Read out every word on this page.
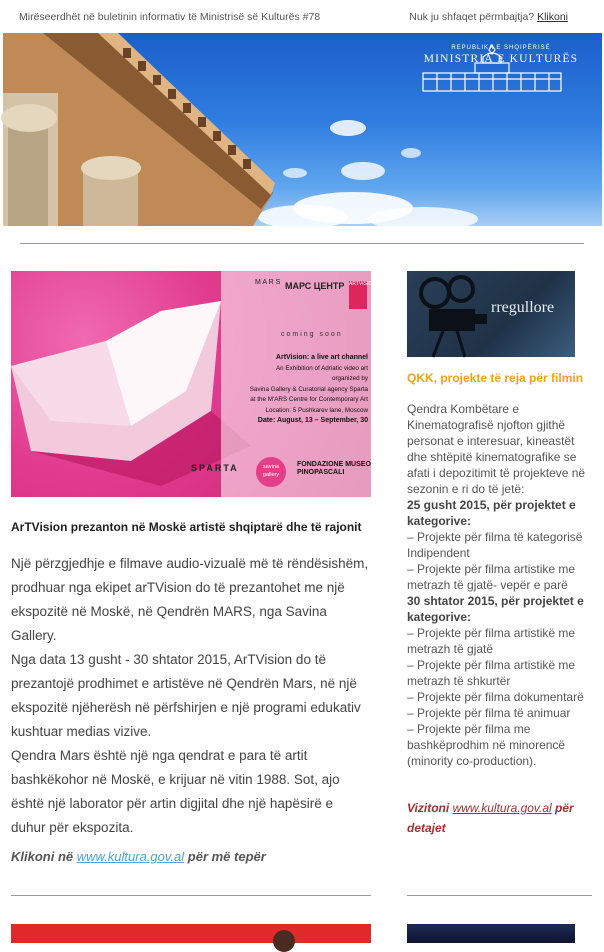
Mirëseerdhët në buletinin informativ të Ministrisë së Kulturës #78	Nuk ju shfaqet përmbajtja? Klikoni
REPUBLIKA E SHQIPËRISË
MINISTRIA E KULTURËS
M A R S МАРС ЦЕНТР ARTVISION
coming soon
ArtVision: a live art channel
An Exhibition of Adriatic video art
organized by
Savina Gallery & Curatorial agency Sparta
at the M'ARS Centre for Contemporary Art
Location: 5 Pushkarev lane, Moscow
Date: August, 13 – September, 30
SPARTA	savina gallery
FONDAZIONE MUSEO PINOPASCALI
ArTVision prezanton në Moskë artistë shqiptarë dhe të rajonit

Një përzgjedhje e filmave audio-vizualë më të rëndësishëm, prodhuar nga ekipet arTVision do të prezantohet me një ekspozitë në Moskë, në Qendrën MARS, nga Savina Gallery.

Nga data 13 gusht - 30 shtator 2015, ArTVision do të prezantojë prodhimet e artistëve në Qendrën Mars, në një ekspozitë njëherësh në përfshirjen e një programi edukativ kushtuar medias vizive.

Qendra Mars është një nga qendrat e para të artit bashkëkohor në Moskë, e krijuar në vitin 1988. Sot, ajo është një laborator për artin digjital dhe një hapësirë e duhur për ekspozita.

Klikoni në www.kultura.gov.al për më tepër
rregullore
QKK, projekte të reja për filmin

Qendra Kombëtare e Kinematografisë njofton gjithë personat e interesuar, kineastët dhe shtëpitë kinematografike se afati i depozitimit të projekteve në sezonin e ri do të jetë:

25 gusht 2015, për projektet e kategorive:

– Projekte për filma të kategorisë Indipendent

– Projekte për filma artistike me metrazh të gjatë- vepër e parë

30 shtator 2015, për projektet e kategorive:

– Projekte për filma artistikë me metrazh të gjatë

– Projekte për filma artistikë me metrazh të shkurtër

– Projekte për filma dokumentarë

– Projekte për filma të animuar

– Projekte për filma me bashkëprodhim në minorencë (minority co-production).

Vizitoni www.kultura.gov.al për detajet
